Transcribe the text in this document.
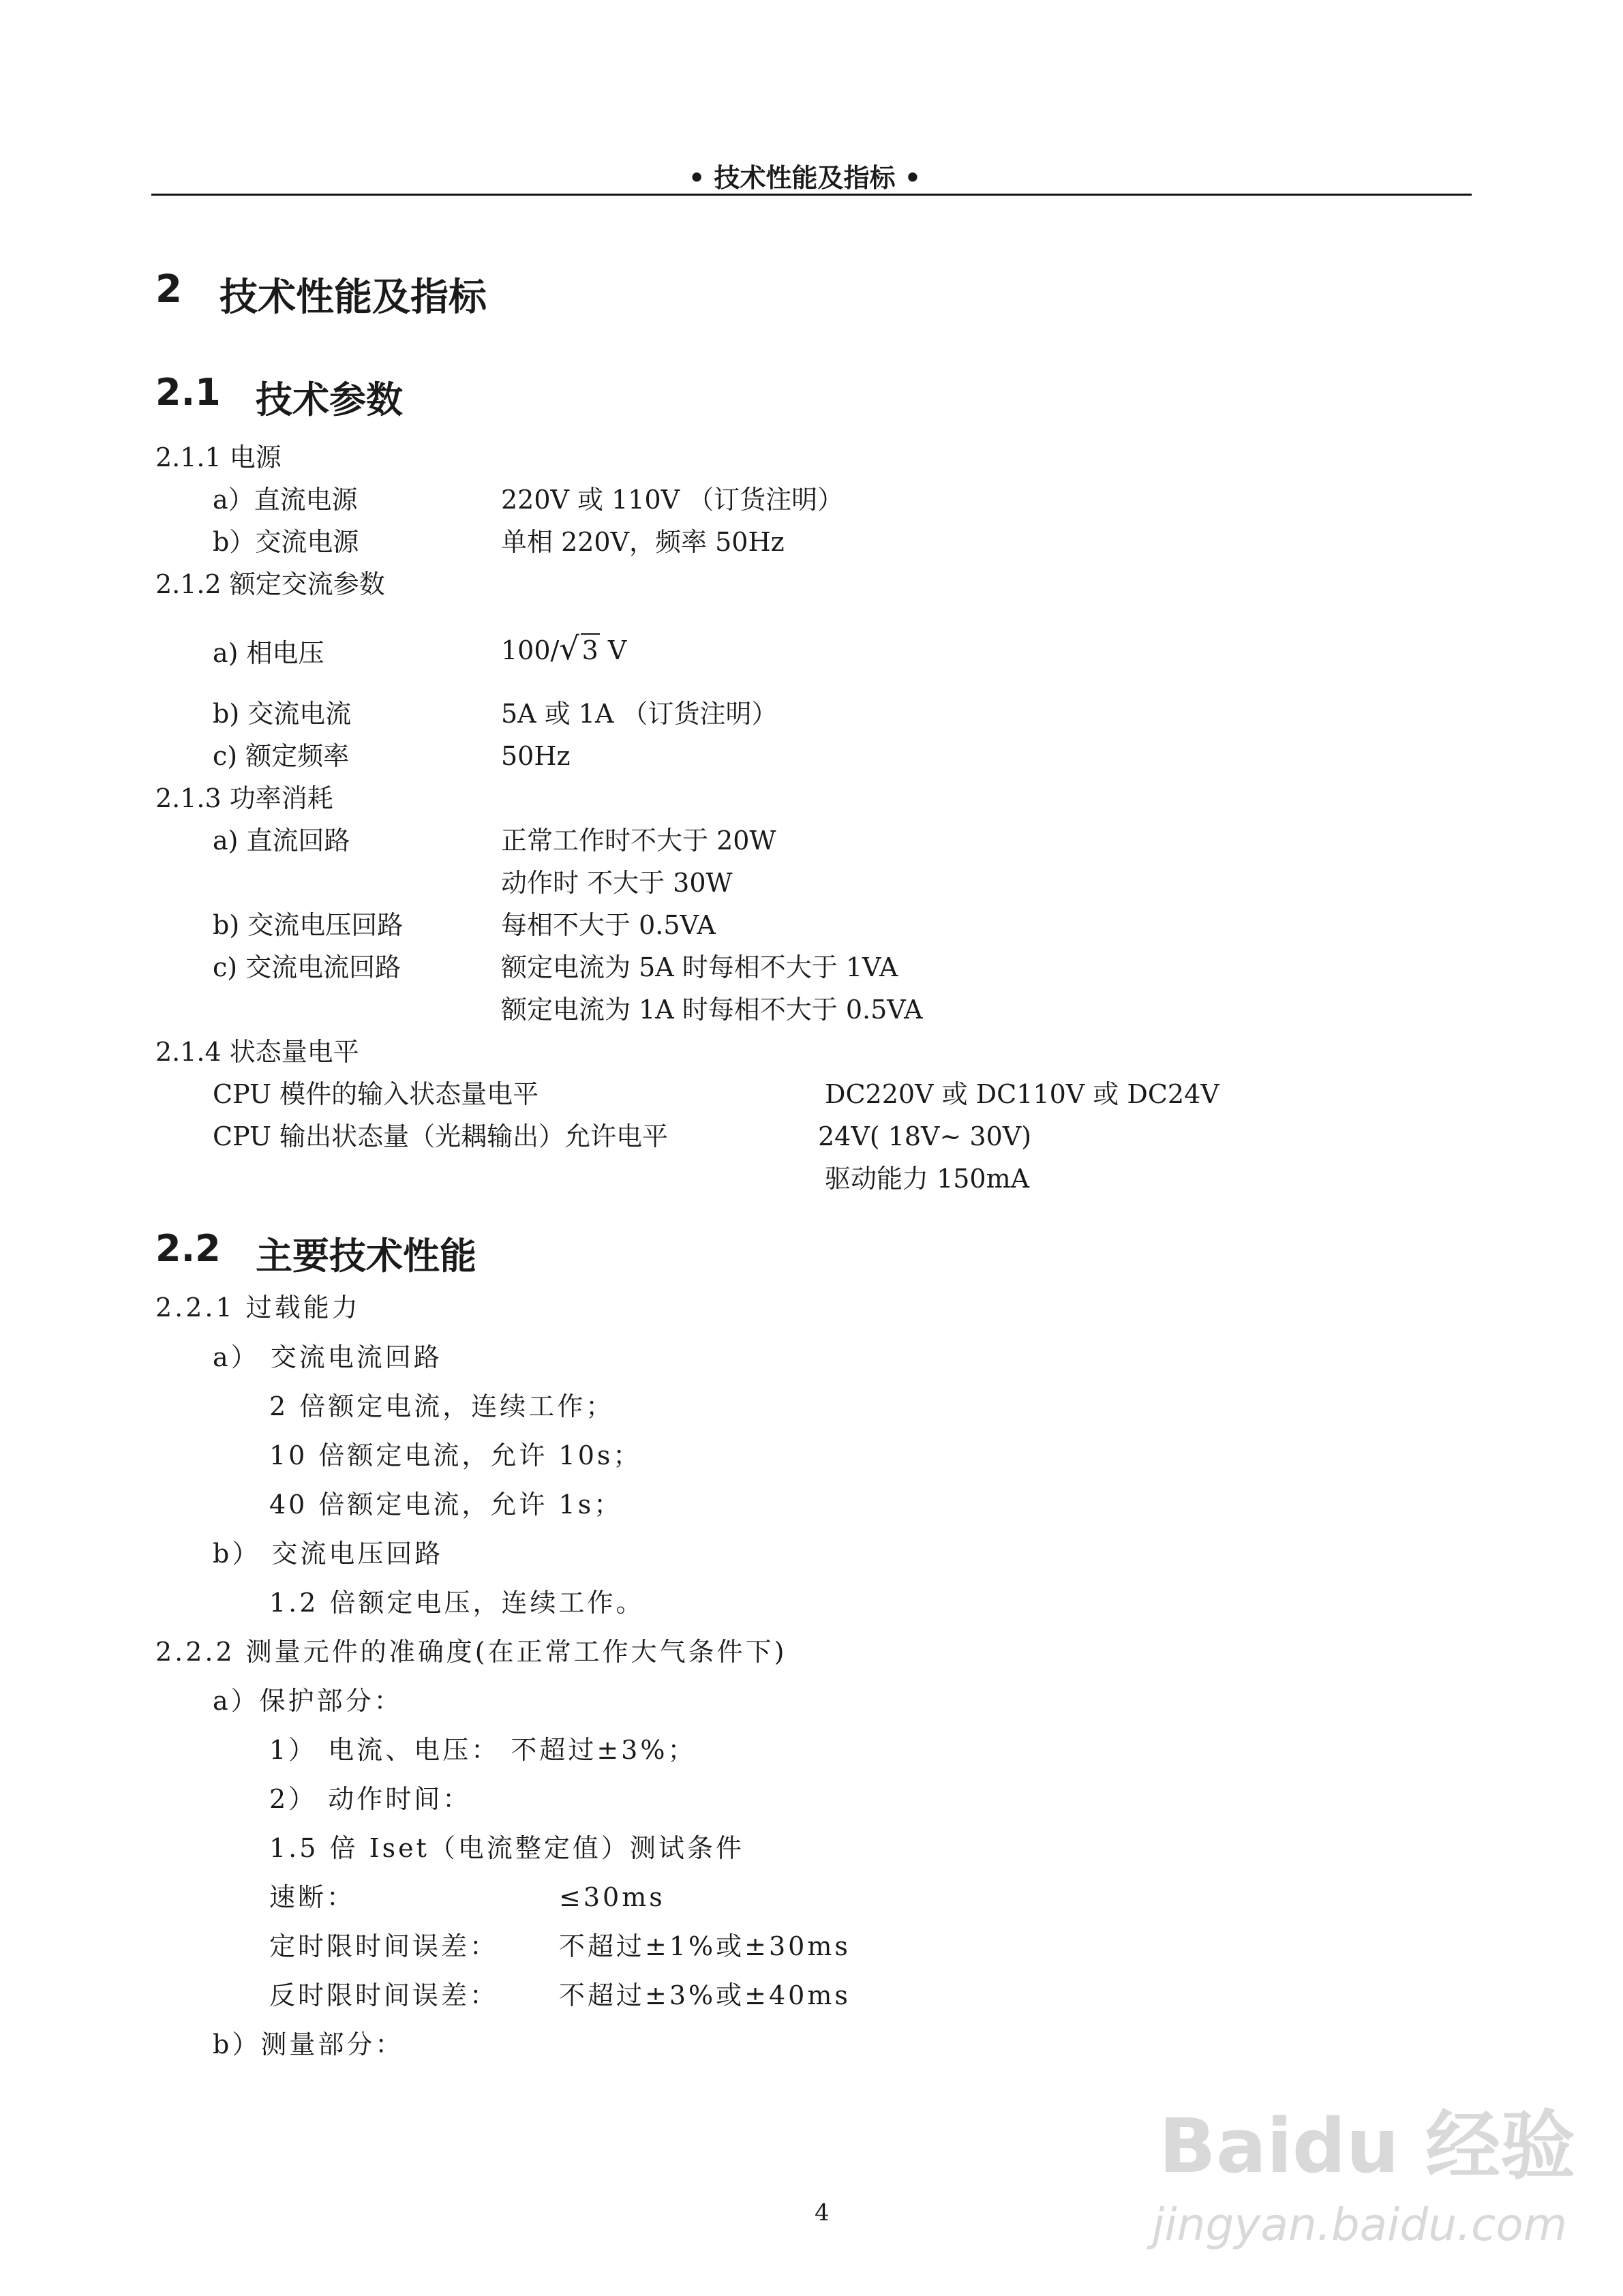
• 技术性能及指标 •
2 技术性能及指标
2.1 技术参数
2.1.1 电源
a）直流电源	220V 或 110V （订货注明）
b）交流电源	单相 220V，频率 50Hz
2.1.2 额定交流参数
a) 相电压	100/√ 3 V
b) 交流电流	5A 或 1A （订货注明）
c) 额定频率	50Hz
2.1.3 功率消耗
a) 直流回路	正常工作时不大于 20W
动作时 不大于 30W
b) 交流电压回路	每相不大于 0.5VA
c) 交流电流回路	额定电流为 5A 时每相不大于 1VA
额定电流为 1A 时每相不大于 0.5VA
2.1.4 状态量电平
CPU 模件的输入状态量电平	DC220V 或 DC110V 或 DC24V
CPU 输出状态量（光耦输出）允许电平	24V( 18V~ 30V)
驱动能力 150mA
2.2 主要技术性能
2.2.1 过载能力
a） 交流电流回路
2 倍额定电流，连续工作；
10 倍额定电流，允许 10s；
40 倍额定电流，允许 1s；
b） 交流电压回路
1.2 倍额定电压，连续工作。
2.2.2 测量元件的准确度(在正常工作大气条件下)
a）保护部分：
1） 电流、电压： 不超过±3%；
2） 动作时间：
1.5 倍 Iset（电流整定值）测试条件
速断：	≤30ms
定时限时间误差： 不超过±1%或±30ms
反时限时间误差： 不超过±3%或±40ms
b）测量部分：
4
Baidu 经验
jingyan.baidu.com
